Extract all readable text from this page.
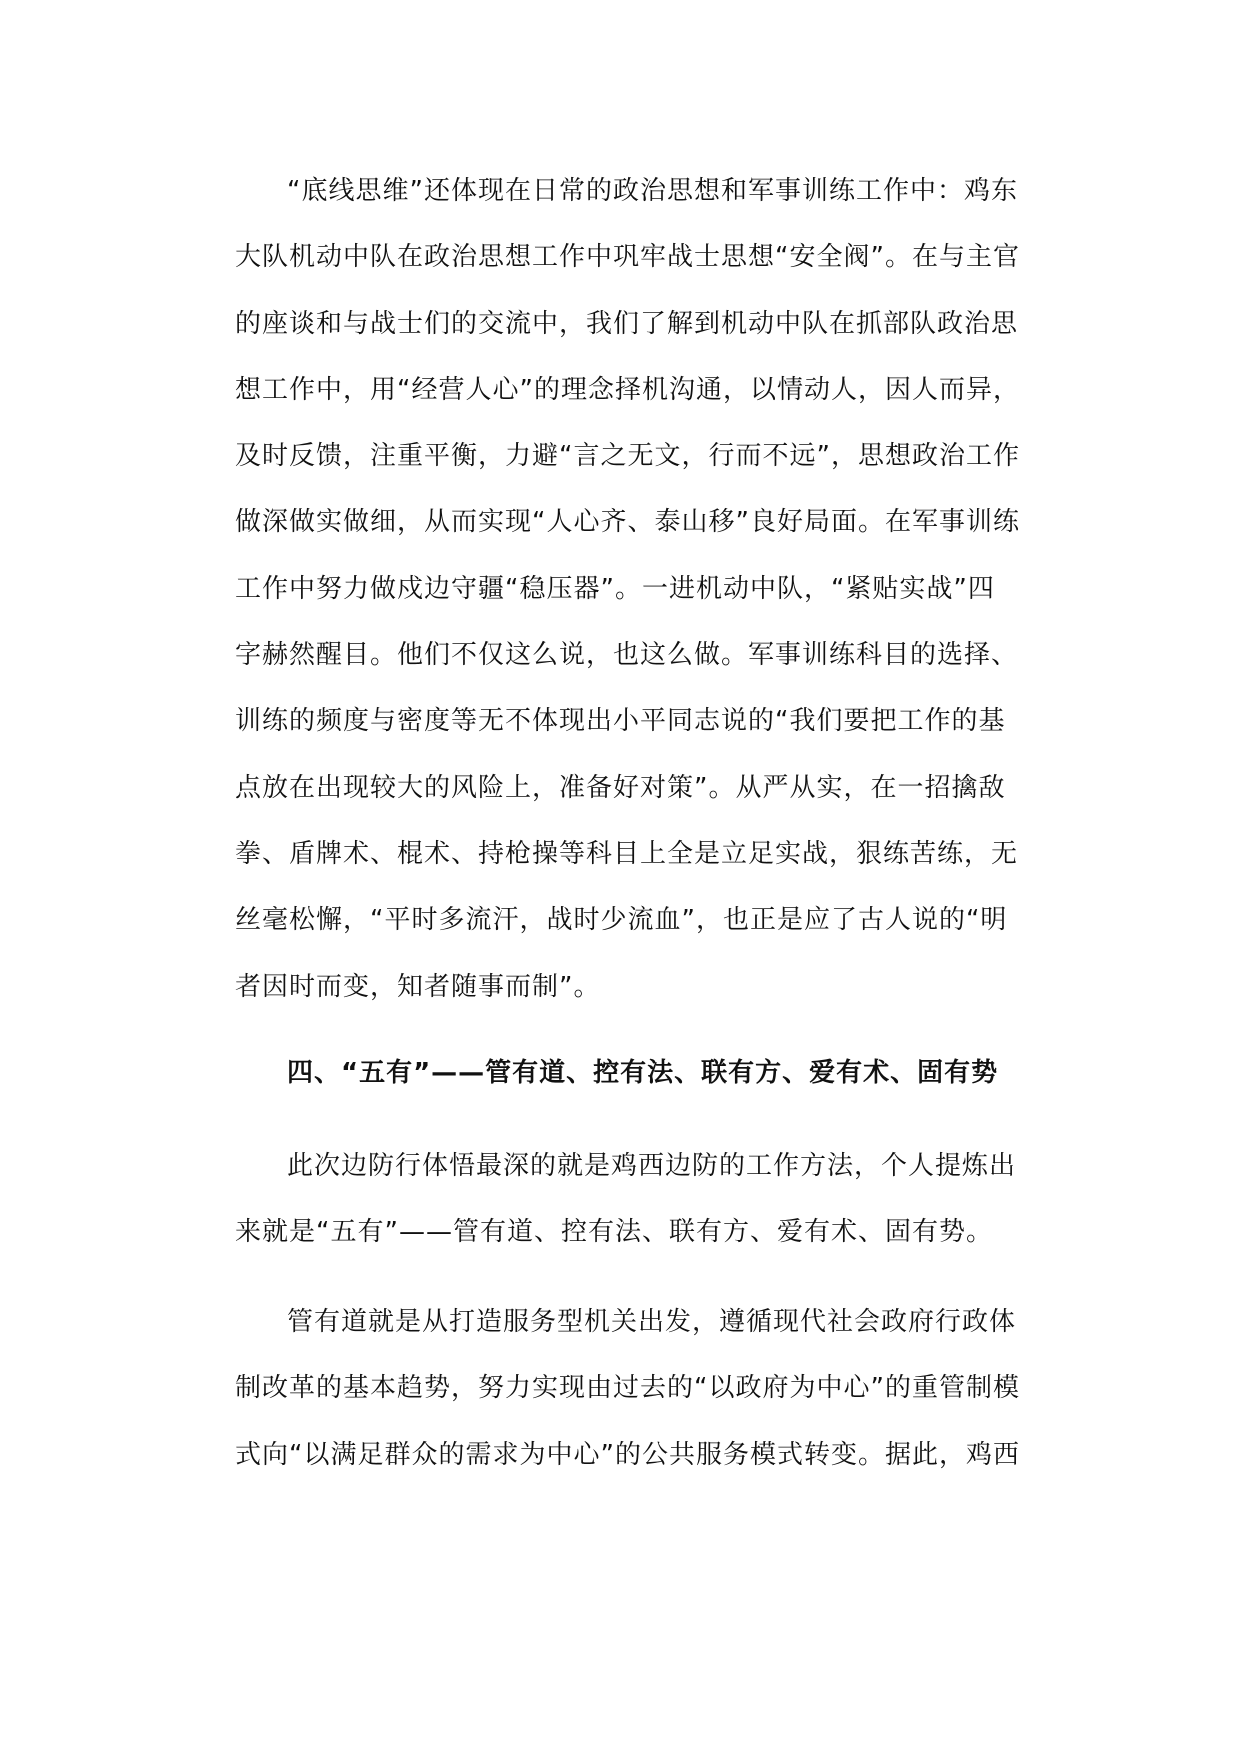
“底线思维”还体现在日常的政治思想和军事训练工作中：鸡东
大队机动中队在政治思想工作中巩牢战士思想“安全阀”。在与主官
的座谈和与战士们的交流中，我们了解到机动中队在抓部队政治思
想工作中，用“经营人心”的理念择机沟通，以情动人，因人而异，
及时反馈，注重平衡，力避“言之无文，行而不远”，思想政治工作
做深做实做细，从而实现“人心齐、泰山移”良好局面。在军事训练
工作中努力做戍边守疆“稳压器”。一进机动中队，“紧贴实战”四
字赫然醒目。他们不仅这么说，也这么做。军事训练科目的选择、
训练的频度与密度等无不体现出小平同志说的“我们要把工作的基
点放在出现较大的风险上，准备好对策”。从严从实，在一招擒敌
拳、盾牌术、棍术、持枪操等科目上全是立足实战，狠练苦练，无
丝毫松懈，“平时多流汗，战时少流血”，也正是应了古人说的“明
者因时而变，知者随事而制”。
四、“五有”——管有道、控有法、联有方、爱有术、固有势
此次边防行体悟最深的就是鸡西边防的工作方法，个人提炼出
来就是“五有”——管有道、控有法、联有方、爱有术、固有势。
管有道就是从打造服务型机关出发，遵循现代社会政府行政体
制改革的基本趋势，努力实现由过去的“以政府为中心”的重管制模
式向“以满足群众的需求为中心”的公共服务模式转变。据此，鸡西
